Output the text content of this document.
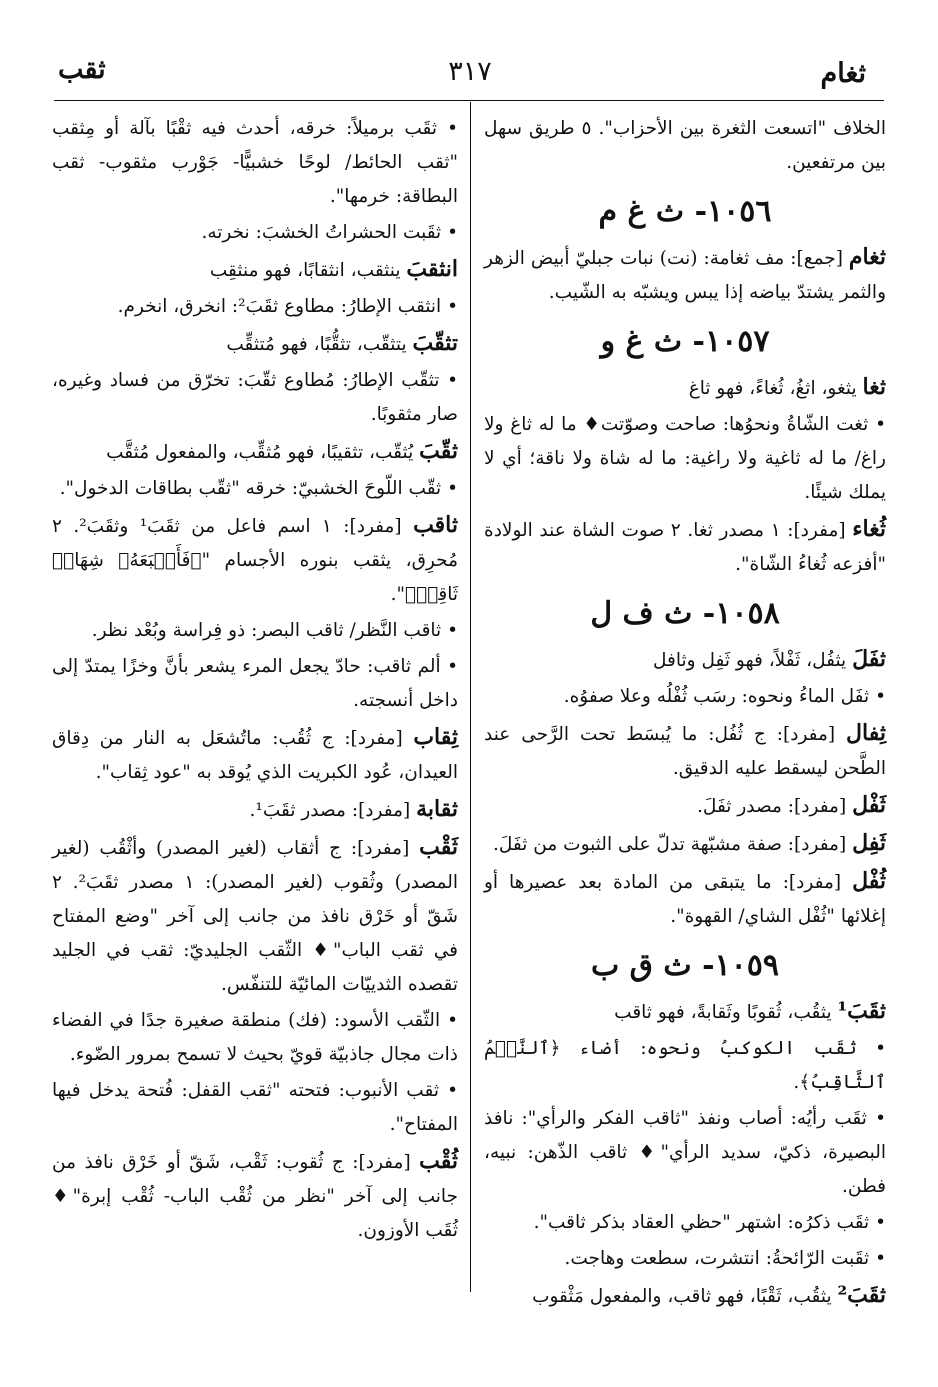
ثغام
٣١٧
ثقب

الخلاف "اتسعت الثغرة بين الأحزاب". ٥ طريق سهل بين مرتفعين.

١٠٥٦- ث غ م

ثغام [جمع]: مف ثغامة: (نت) نبات جبليّ أبيض الزهر والثمر يشتدّ بياضه إذا يبس ويشبّه به الشّيب.

١٠٥٧- ث غ و

ثغا يثغو، اثغُ، ثُغاءً، فهو ثاغ

• ثغت الشّاةُ ونحوُها: صاحت وصوّتت♦ ما له ثاغ ولا راغ/ ما له ثاغية ولا راغية: ما له شاة ولا ناقة؛ أي لا يملك شيئًا.

ثُغاء [مفرد]: ١ مصدر ثغا. ٢ صوت الشاة عند الولادة "أفزعه ثُغاءُ الشّاة".

١٠٥٨- ث ف ل

ثفَلَ يثفُل، ثَفْلاً، فهو ثَفِل وثافل

• ثفَل الماءُ ونحوه: رسَب ثُفْلُه وعلا صفوُه.

ثِفال [مفرد]: ج ثُفُل: ما يُبسَط تحت الرَّحى عند الطَّحن ليسقط عليه الدقيق.

ثَفْل [مفرد]: مصدر ثفَلَ.

ثَفِل [مفرد]: صفة مشبّهة تدلّ على الثبوت من ثفَلَ.

ثُفْل [مفرد]: ما يتبقى من المادة بعد عصيرها أو إغلائها "ثُفْل الشاي/ القهوة".

١٠٥٩- ث ق ب

ثقَبَ¹ يثقُب، ثُقوبًا وثَقابةً، فهو ثاقب

• ثقَب الكوكبُ ونحوه: أضاء ﴿ٱلنَّجۡمُ ٱلثَّاقِبُ﴾.

• ثقَب رأيُه: أصاب ونفذ "ثاقب الفكر والرأي": نافذ البصيرة، ذكيّ، سديد الرأي"♦ ثاقب الذّهن: نبيه، فطن.

• ثقَب ذكرُه: اشتهر "حظي العقاد بذكر ثاقب".

• ثقَبت الرّائحةُ: انتشرت، سطعت وهاجت.

ثقَبَ² يثقُب، ثَقْبًا، فهو ثاقب، والمفعول مَثْقوب

• ثقَب برميلاً: خرقه، أحدث فيه ثقْبًا بآلة أو مِثقب "ثقب الحائط/ لوحًا خشبيًّا- جَوْرب مثقوب- ثقب البطاقة: خرمها".

• ثقَبت الحشراتُ الخشبَ: نخرته.

انثقبَ ينثقب، انثقابًا، فهو منثقِب

• انثقب الإطارُ: مطاوع ثقَبَ²: انخرق، انخرم.

تثقّبَ يتثقّب، تثقُّبًا، فهو مُتثقِّب

• تثقّب الإطارُ: مُطاوع ثقّبَ: تخرّق من فساد وغيره، صار مثقوبًا.

ثقّبَ يُثقّب، تثقيبًا، فهو مُثقِّب، والمفعول مُثقَّب

• ثقّب اللّوحَ الخشبيّ: خرقه "ثقّب بطاقات الدخول".

ثاقب [مفرد]: ١ اسم فاعل من ثقَبَ¹ وثقَبَ². ٢ مُحرِق، يثقب بنوره الأجسام "﴿فَأَتۡبَعَهُۥ شِهَابٞ ثَاقِبٞ﴾".

• ثاقب النَّظر/ ثاقب البصر: ذو فِراسة وبُعْد نظر.

• ألم ثاقب: حادّ يجعل المرء يشعر بأنَّ وخزًا يمتدّ إلى داخل أنسجته.

ثِقاب [مفرد]: ج ثُقُب: ماتُشعَل به النار من دِقاق العيدان، عُود الكبريت الذي يُوقد به "عود ثِقاب".

ثقابة [مفرد]: مصدر ثقَبَ¹.

ثَقْب [مفرد]: ج أثقاب (لغير المصدر) وأثْقُب (لغير المصدر) وثُقوب (لغير المصدر): ١ مصدر ثقَبَ². ٢ شَقّ أو خَرْق نافذ من جانب إلى آخر "وضع المفتاح في ثقب الباب"♦ الثّقب الجليديّ: ثقب في الجليد تقصده الثدييّات المائيّة للتنفّس.

• الثّقب الأسود: (فك) منطقة صغيرة جدًا في الفضاء ذات مجال جاذبيّة قويّ بحيث لا تسمح بمرور الضّوء.

• ثقب الأنبوب: فتحته "ثقب القفل: فُتحة يدخل فيها المفتاح".

ثُقْب [مفرد]: ج ثُقوب: ثَقْب، شَقّ أو خَرْق نافذ من جانب إلى آخر "نظر من ثُقْب الباب- ثُقْب إبرة"♦ ثُقَب الأوزون.
